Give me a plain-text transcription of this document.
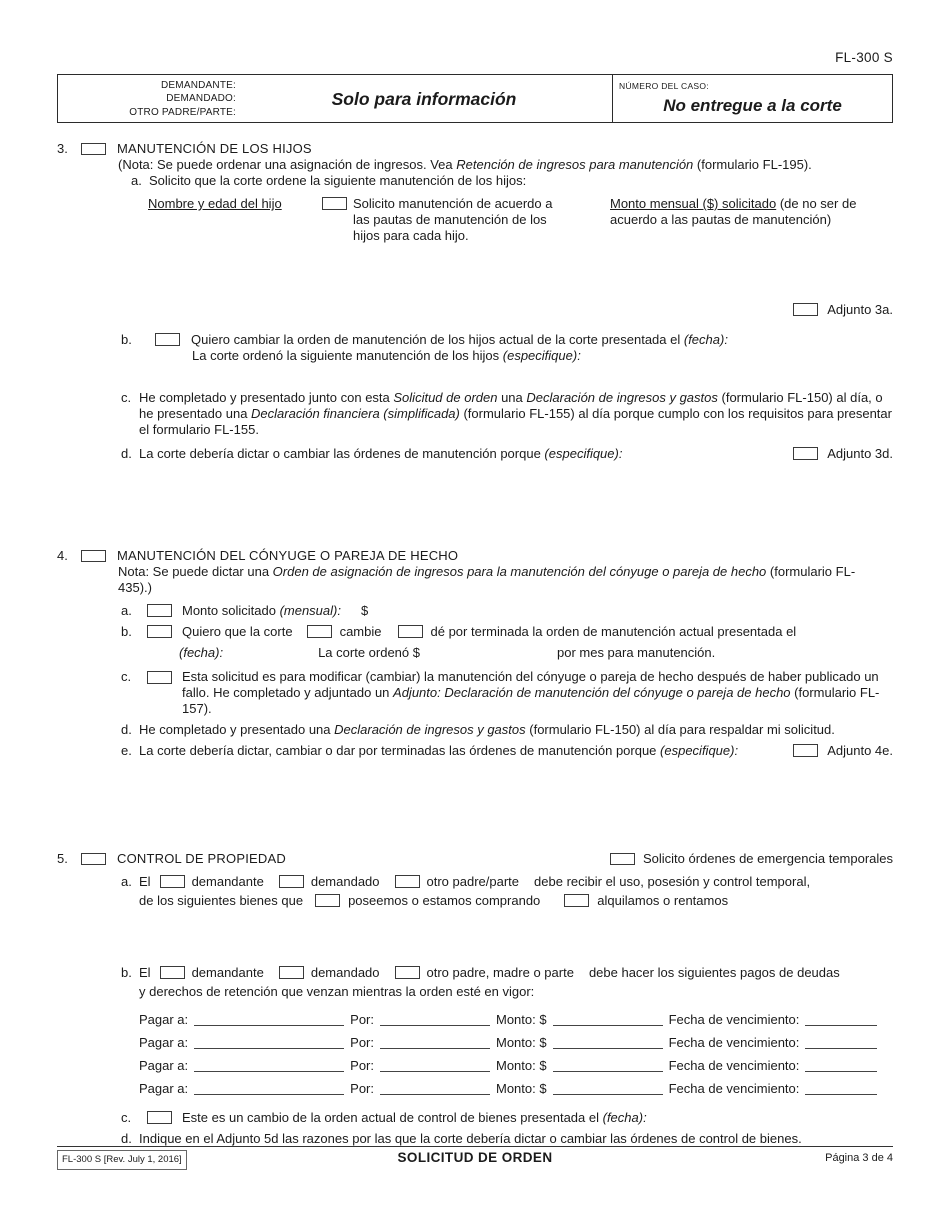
FL-300 S
DEMANDANTE:
DEMANDADO:
OTRO PADRE/PARTE:
Solo para información
NÚMERO DEL CASO:
No entregue a la corte
3.	MANUTENCIÓN DE LOS HIJOS
(Nota: Se puede ordenar una asignación de ingresos. Vea Retención de ingresos para manutención (formulario FL-195).
a. Solicito que la corte ordene la siguiente manutención de los hijos:
Nombre y edad del hijo	Solicito manutención de acuerdo a las pautas de manutención de los hijos para cada hijo.
Monto mensual ($) solicitado (de no ser de acuerdo a las pautas de manutención)
Adjunto 3a.
b.	Quiero cambiar la orden de manutención de los hijos actual de la corte presentada el (fecha):
La corte ordenó la siguiente manutención de los hijos (especifique):
c. He completado y presentado junto con esta Solicitud de orden una Declaración de ingresos y gastos (formulario FL-150) al día, o he presentado una Declaración financiera (simplificada) (formulario FL-155) al día porque cumplo con los requisitos para presentar el formulario FL-155.
d. La corte debería dictar o cambiar las órdenes de manutención porque (especifique):	Adjunto 3d.
4.	MANUTENCIÓN DEL CÓNYUGE O PAREJA DE HECHO
Nota: Se puede dictar una Orden de asignación de ingresos para la manutención del cónyuge o pareja de hecho (formulario FL-435).)
a.	Monto solicitado (mensual): $
b.	Quiero que la corte	cambie	dé por terminada la orden de manutención actual presentada el
(fecha):	La corte ordenó $	por mes para manutención.
c.	Esta solicitud es para modificar (cambiar) la manutención del cónyuge o pareja de hecho después de haber publicado un fallo. He completado y adjuntado un Adjunto: Declaración de manutención del cónyuge o pareja de hecho (formulario FL-157).
d. He completado y presentado una Declaración de ingresos y gastos (formulario FL-150) al día para respaldar mi solicitud.
e. La corte debería dictar, cambiar o dar por terminadas las órdenes de manutención porque (especifique):	Adjunto 4e.
5.	CONTROL DE PROPIEDAD	Solicito órdenes de emergencia temporales
a. El	demandante	demandado	otro padre/parte debe recibir el uso, posesión y control temporal,
de los siguientes bienes que	poseemos o estamos comprando	alquilamos o rentamos
b. El	demandante	demandado	otro padre, madre o parte debe hacer los siguientes pagos de deudas
y derechos de retención que venzan mientras la orden esté en vigor:
Pagar a:	Por:	Monto: $	Fecha de vencimiento:
Pagar a:	Por:	Monto: $	Fecha de vencimiento:
Pagar a:	Por:	Monto: $	Fecha de vencimiento:
Pagar a:	Por:	Monto: $	Fecha de vencimiento:
c.	Este es un cambio de la orden actual de control de bienes presentada el (fecha):
d. Indique en el Adjunto 5d las razones por las que la corte debería dictar o cambiar las órdenes de control de bienes.
FL-300 S [Rev. July 1, 2016]	SOLICITUD DE ORDEN	Página 3 de 4
